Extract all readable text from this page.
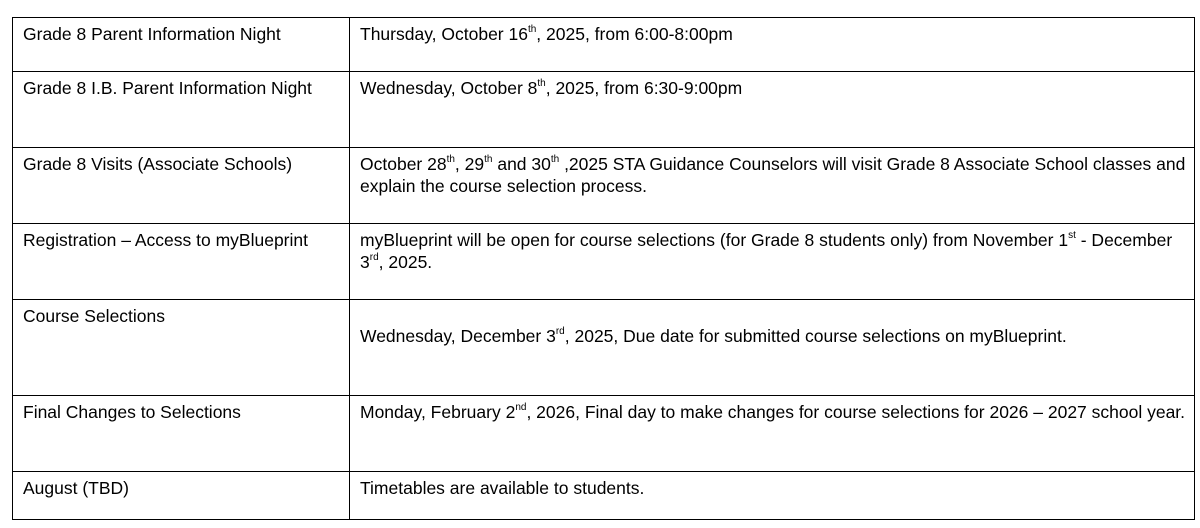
Grade 8 Parent Information Night	Thursday, October 16th, 2025, from 6:00-8:00pm
Grade 8 I.B. Parent Information Night	Wednesday, October 8th, 2025, from 6:30-9:00pm
Grade 8 Visits (Associate Schools)	October 28th, 29th and 30th ,2025 STA Guidance Counselors will visit Grade 8 Associate School classes and explain the course selection process.
Registration – Access to myBlueprint	myBlueprint will be open for course selections (for Grade 8 students only) from November 1st - December 3rd, 2025.
Course Selections	Wednesday, December 3rd, 2025, Due date for submitted course selections on myBlueprint.
Final Changes to Selections	Monday, February 2nd, 2026, Final day to make changes for course selections for 2026 – 2027 school year.
August (TBD)	Timetables are available to students.
